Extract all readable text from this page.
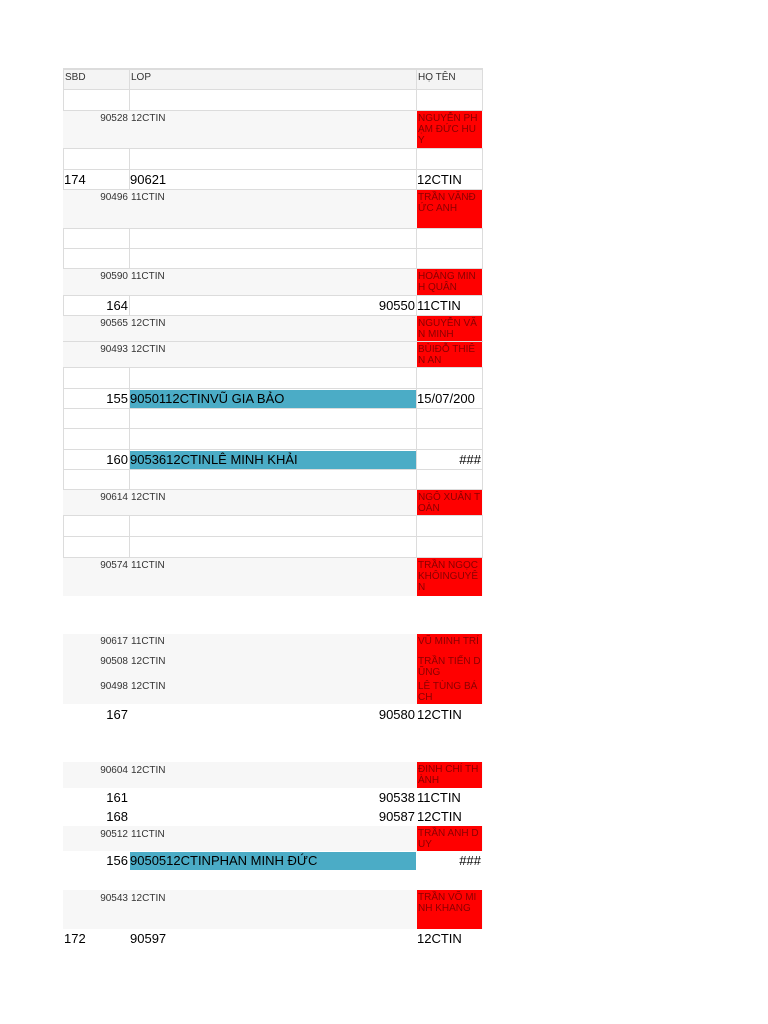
SBD	LOP	HỌ TÊN
90528 12CTIN	NGUYỄN PHẠM ĐỨC HUY
174	90621	12CTIN
90496 11CTIN	TRẦN VĂNĐỨC ANH
90590 11CTIN	HOÀNG MINH QUÂN
164	90550 11CTIN
90565 12CTIN	NGUYỄN VĂN MINH
90493 12CTIN	BÙIĐỖ THIÊN AN
155 9050112CTINVŨ GIA BẢO	15/07/200
160 9053612CTINLÊ MINH KHẢI	###
90614 12CTIN	NGÔ XUÂN TOÀN
90574 11CTIN	TRẦN NGỌC KHÔINGUYÊN
90617 11CTIN	VŨ MINH TRÍ
90508 12CTIN	TRẦN TIẾN DŨNG
90498 12CTIN	LÊ TÙNG BÁCH
167	90580 12CTIN
90604 12CTIN	ĐINH CHÍ THÀNH
161	90538 11CTIN
168	90587 12CTIN
90512 11CTIN	TRẦN ANH DUY
156 9050512CTINPHAN MINH ĐỨC	###
90543 12CTIN	TRẦN VÕ MINH KHANG
172	90597	12CTIN
